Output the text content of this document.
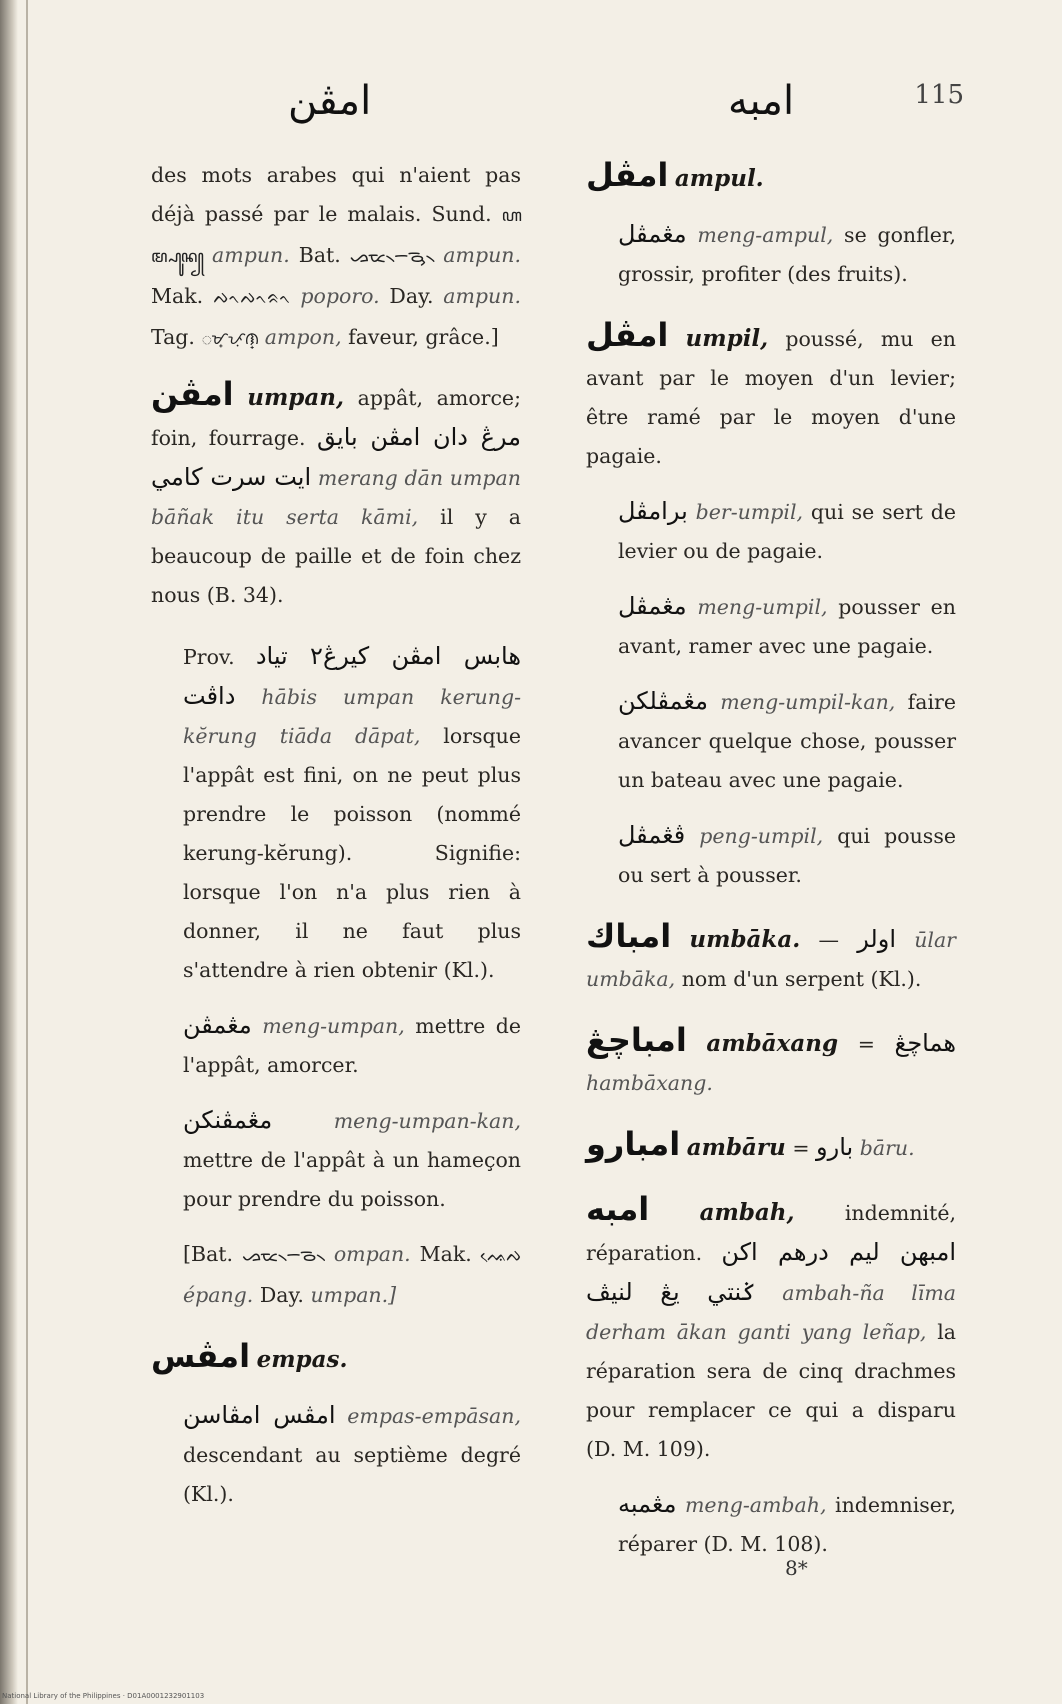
امڤن	امبه	115
des mots arabes qui n'aient pas déjà passé par le malais. Sund. ꦲꦩ꧀ꦥꦸꦤ꧀ ampun. Bat. ᯀᯔ᯲ᯇᯮᯉ᯲ ampun. Mak. ᨄᨚᨄᨚᨑᨚ poporo. Day. ampun. Tag. ᜀᜋ᜔ᜉᜓᜈ᜔ ampon, faveur, grâce.]
امڤن umpan, appât, amorce; foin, fourrage. مرڠ دان امڤن بايق ايت سرت كامي merang dān umpan bāñak itu serta kāmi, il y a beaucoup de paille et de foin chez nous (B. 34).
Prov. هابس امڤن كيرڠ٢ تياد داڤت hābis umpan kerung-kĕrung tiāda dāpat, lorsque l'appât est fini, on ne peut plus prendre le poisson (nommé kerung-kĕrung). Signifie: lorsque l'on n'a plus rien à donner, il ne faut plus s'attendre à rien obtenir (Kl.).
مڠمڤن meng-umpan, mettre de l'appât, amorcer.
مڠمڤنكن	meng-umpan-kan, mettre de l'appât à un hameçon pour prendre du poisson.
[Bat. ᯀᯔ᯲ᯇᯉ᯲ ompan. Mak. ᨕᨙᨄ épang. Day. umpan.]
امڤس empas.
امڤس امڤاسن empas-empāsan, descendant au septième degré (Kl.).
امڤل ampul.
مڠمڤل meng-ampul, se gonfler, grossir, profiter (des fruits).
امڤل umpil, poussé, mu en avant par le moyen d'un levier; être ramé par le moyen d'une pagaie.
برامڤل ber-umpil, qui se sert de levier ou de pagaie.
مڠمڤل meng-umpil, pousser en avant, ramer avec une pagaie.
مڠمڤلكن meng-umpil-kan, faire avancer quelque chose, pousser un bateau avec une pagaie.
ڤڠمڤل peng-umpil, qui pousse ou sert à pousser.
امباك umbāka. — اولر ūlar umbāka, nom d'un serpent (Kl.).
امباچڠ ambāxang = هماچڠ hambāxang.
امبارو ambāru = بارو bāru.
امبه ambah, indemnité, réparation. امبهن ليم درهم اكن ݢنتي يڠ لنيڤ ambah-ña līma derham ākan ganti yang leñap, la réparation sera de cinq drachmes pour remplacer ce qui a disparu (D. M. 109).
مڠمبه meng-ambah, indemniser, réparer (D. M. 108).
8*
National Library of the Philippines · D01A0001232901103
